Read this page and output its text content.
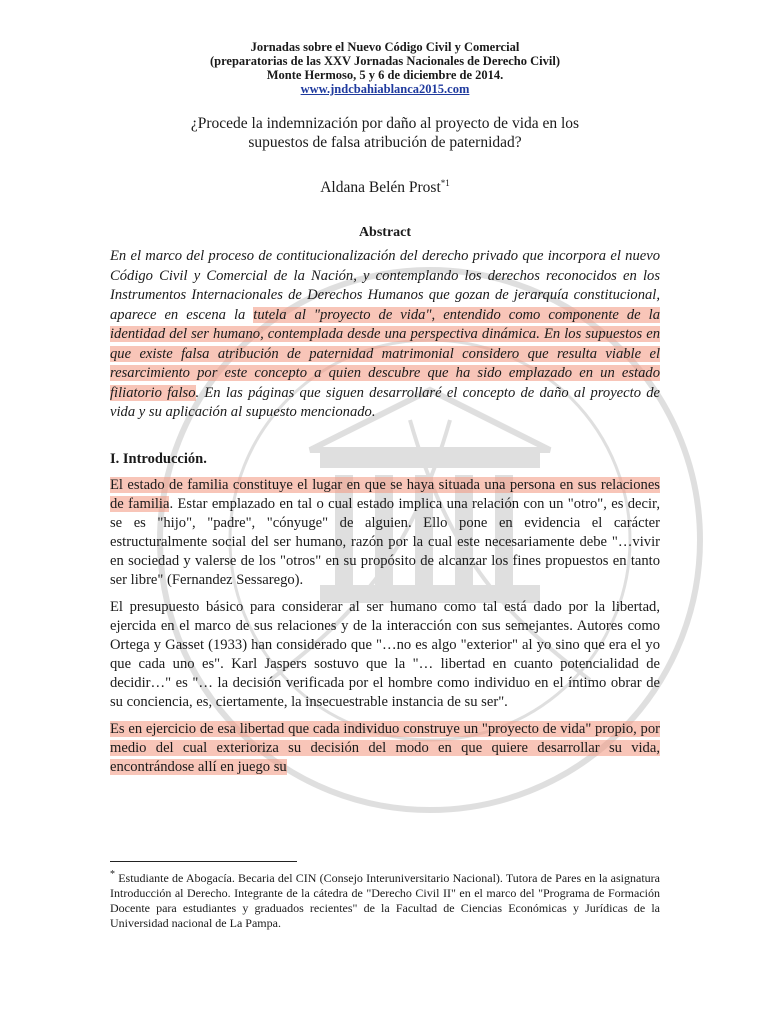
Jornadas sobre el Nuevo Código Civil y Comercial
(preparatorias de las XXV Jornadas Nacionales de Derecho Civil)
Monte Hermoso, 5 y 6 de diciembre de 2014.
www.jndcbahiablanca2015.com
¿Procede la indemnización por daño al proyecto de vida en los
supuestos de falsa atribución de paternidad?
Aldana Belén Prost$^{*1}$
Abstract
En el marco del proceso de contitucionalización del derecho privado que incorpora el nuevo Código Civil y Comercial de la Nación, y contemplando los derechos reconocidos en los Instrumentos Internacionales de Derechos Humanos que gozan de jerarquía constitucional, aparece en escena la tutela al "proyecto de vida", entendido como componente de la identidad del ser humano, contemplada desde una perspectiva dinámica. En los supuestos en que existe falsa atribución de paternidad matrimonial considero que resulta viable el resarcimiento por este concepto a quien descubre que ha sido emplazado en un estado filiatorio falso. En las páginas que siguen desarrollaré el concepto de daño al proyecto de vida y su aplicación al supuesto mencionado.
I. Introducción.
El estado de familia constituye el lugar en que se haya situada una persona en sus relaciones de familia. Estar emplazado en tal o cual estado implica una relación con un "otro", es decir, se es "hijo", "padre", "cónyuge" de alguien. Ello pone en evidencia el carácter estructuralmente social del ser humano, razón por la cual este necesariamente debe "…vivir en sociedad y valerse de los "otros" en su propósito de alcanzar los fines propuestos en tanto ser libre" (Fernandez Sessarego).
El presupuesto básico para considerar al ser humano como tal está dado por la libertad, ejercida en el marco de sus relaciones y de la interacción con sus semejantes. Autores como Ortega y Gasset (1933) han considerado que "…no es algo "exterior" al yo sino que era el yo que cada uno es". Karl Jaspers sostuvo que la "… libertad en cuanto potencialidad de decidir…" es "… la decisión verificada por el hombre como individuo en el íntimo obrar de su conciencia, es, ciertamente, la insecuestrable instancia de su ser".
Es en ejercicio de esa libertad que cada individuo construye un "proyecto de vida" propio, por medio del cual exterioriza su decisión del modo en que quiere desarrollar su vida, encontrándose allí en juego su
* Estudiante de Abogacía. Becaria del CIN (Consejo Interuniversitario Nacional). Tutora de Pares en la asignatura Introducción al Derecho. Integrante de la cátedra de "Derecho Civil II" en el marco del "Programa de Formación Docente para estudiantes y graduados recientes" de la Facultad de Ciencias Económicas y Jurídicas de la Universidad nacional de La Pampa.
